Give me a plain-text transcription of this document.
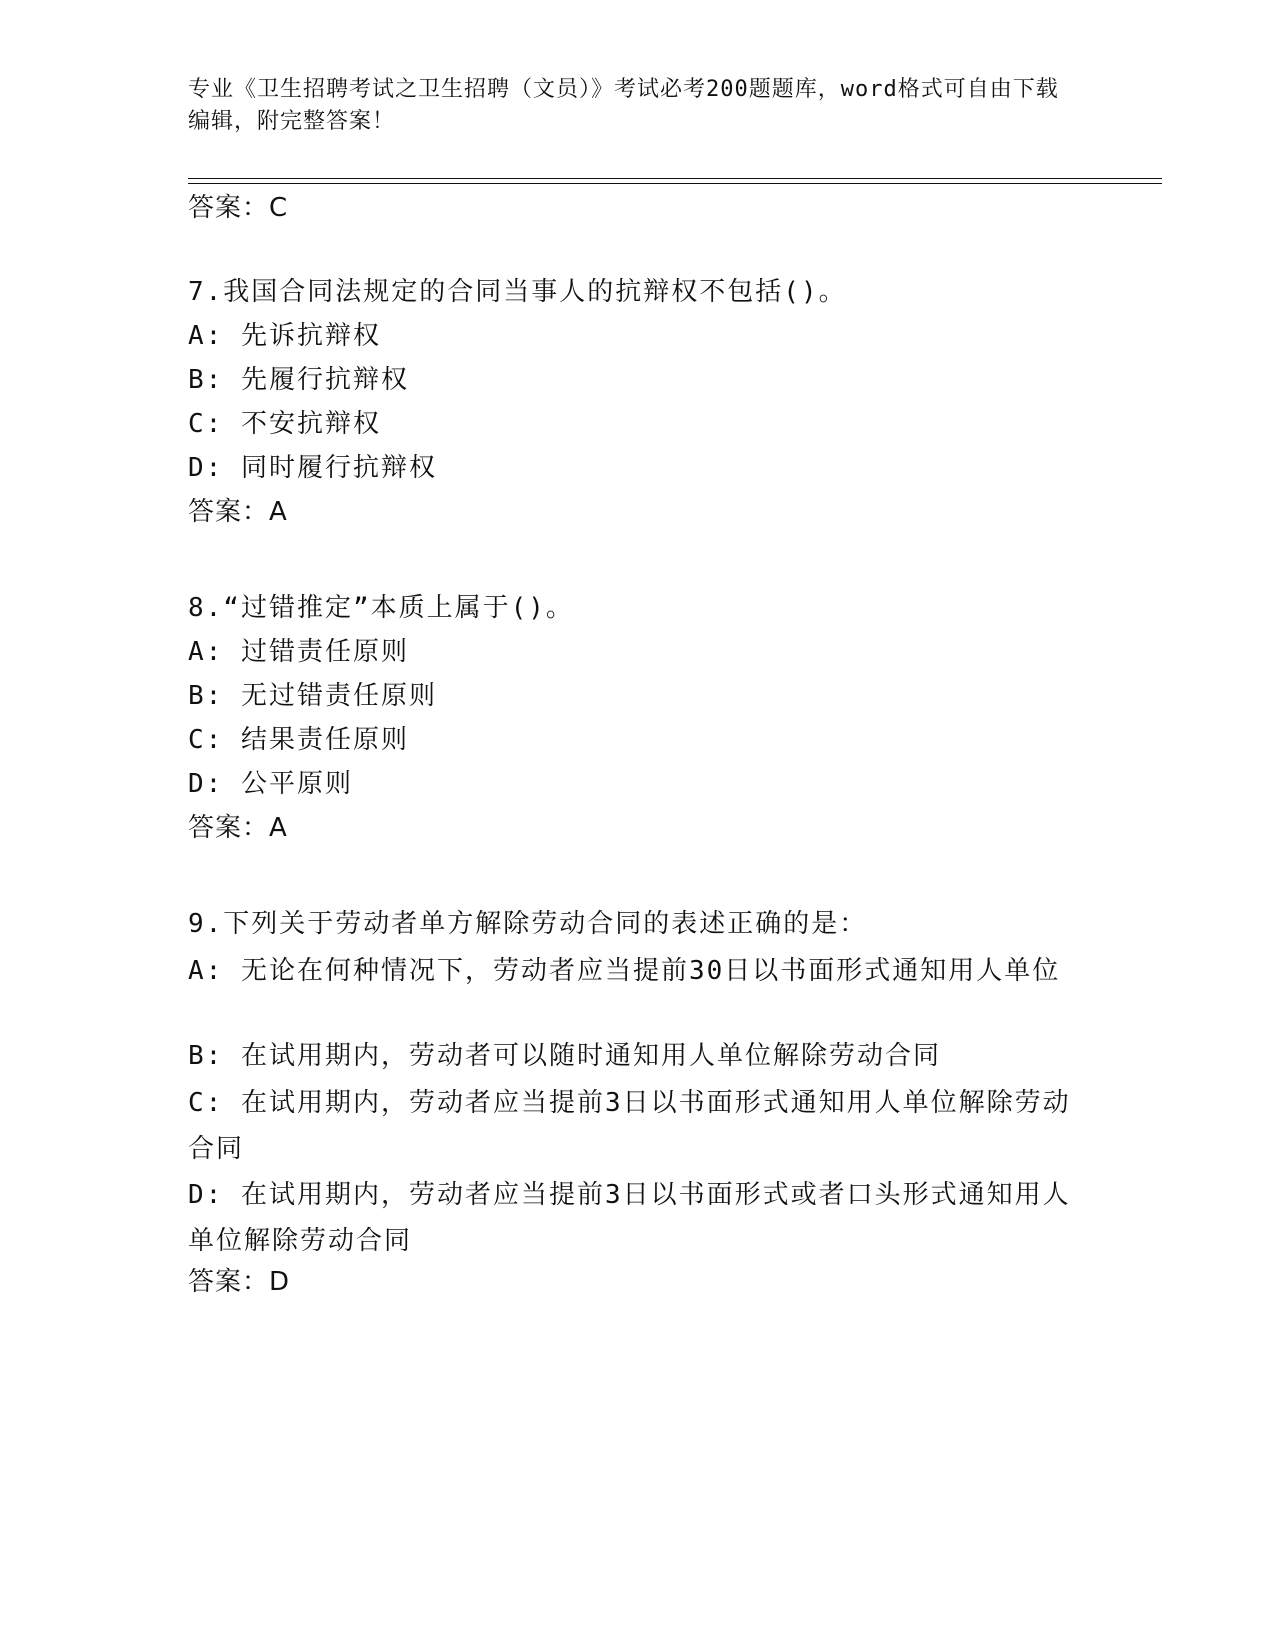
专业《卫生招聘考试之卫生招聘（文员）》考试必考200题题库，word格式可自由下载编辑，附完整答案！
答案：C
7.我国合同法规定的合同当事人的抗辩权不包括()。
A: 先诉抗辩权
B: 先履行抗辩权
C: 不安抗辩权
D: 同时履行抗辩权
答案：A
8.“过错推定”本质上属于()。
A: 过错责任原则
B: 无过错责任原则
C: 结果责任原则
D: 公平原则
答案：A
9.下列关于劳动者单方解除劳动合同的表述正确的是：
A: 无论在何种情况下，劳动者应当提前30日以书面形式通知用人单位
B: 在试用期内，劳动者可以随时通知用人单位解除劳动合同
C: 在试用期内，劳动者应当提前3日以书面形式通知用人单位解除劳动合同
D: 在试用期内，劳动者应当提前3日以书面形式或者口头形式通知用人单位解除劳动合同
答案：D
